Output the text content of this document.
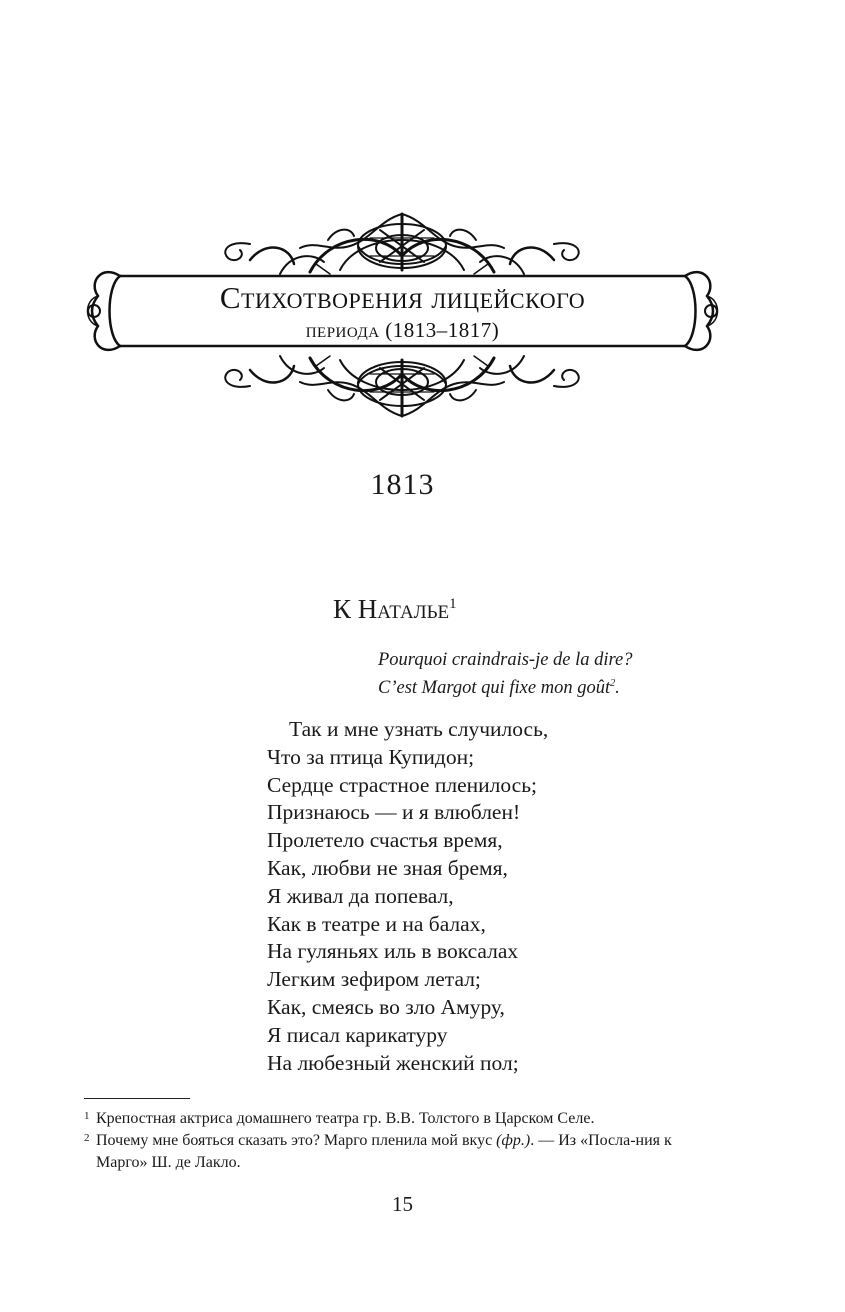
Стихотворения лицейского
периода (1813–1817)
1813
К Наталье$^1$
Pourquoi craindrais-je de la dire?
C’est Margot qui fixe mon goût$^2$.
Так и мне узнать случилось,
Что за птица Купидон;
Сердце страстное пленилось;
Признаюсь — и я влюблен!
Пролетело счастья время,
Как, любви не зная бремя,
Я живал да попевал,
Как в театре и на балах,
На гуляньях иль в воксалах
Легким зефиром летал;
Как, смеясь во зло Амуру,
Я писал карикатуру
На любезный женский пол;
1 Крепостная актриса домашнего театра гр. В.В. Толстого в Царском Селе.
2 Почему мне бояться сказать это? Марго пленила мой вкус (фр.). — Из «Посла-ния к Марго» Ш. де Лакло.
15
